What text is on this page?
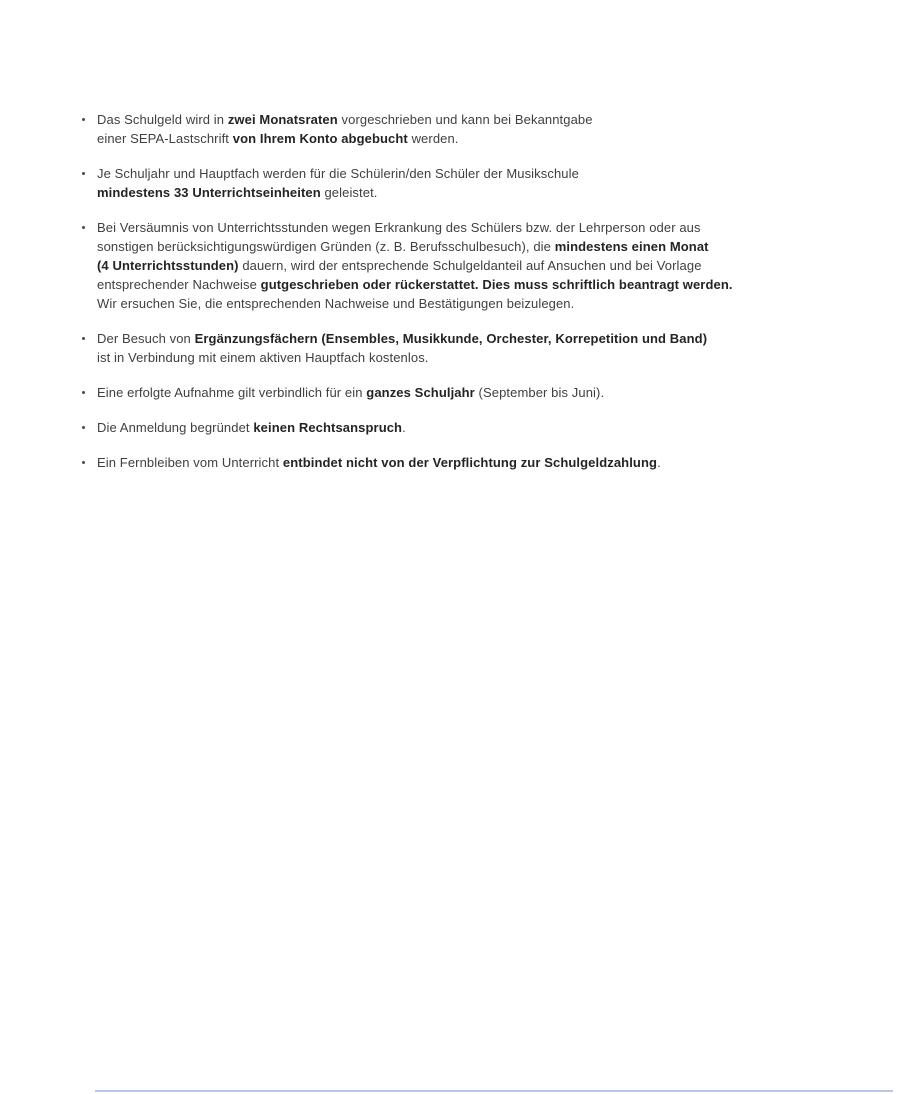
Das Schulgeld wird in zwei Monatsraten vorgeschrieben und kann bei Bekanntgabe
einer SEPA-Lastschrift von Ihrem Konto abgebucht werden.
Je Schuljahr und Hauptfach werden für die Schülerin/den Schüler der Musikschule
mindestens 33 Unterrichtseinheiten geleistet.
Bei Versäumnis von Unterrichtsstunden wegen Erkrankung des Schülers bzw. der Lehrperson oder aus
sonstigen berücksichtigungswürdigen Gründen (z. B. Berufsschulbesuch), die mindestens einen Monat
(4 Unterrichtsstunden) dauern, wird der entsprechende Schulgeldanteil auf Ansuchen und bei Vorlage
entsprechender Nachweise gutgeschrieben oder rückerstattet. Dies muss schriftlich beantragt werden.
Wir ersuchen Sie, die entsprechenden Nachweise und Bestätigungen beizulegen.
Der Besuch von Ergänzungsfächern (Ensembles, Musikkunde, Orchester, Korrepetition und Band)
ist in Verbindung mit einem aktiven Hauptfach kostenlos.
Eine erfolgte Aufnahme gilt verbindlich für ein ganzes Schuljahr (September bis Juni).
Die Anmeldung begründet keinen Rechtsanspruch.
Ein Fernbleiben vom Unterricht entbindet nicht von der Verpflichtung zur Schulgeldzahlung.
